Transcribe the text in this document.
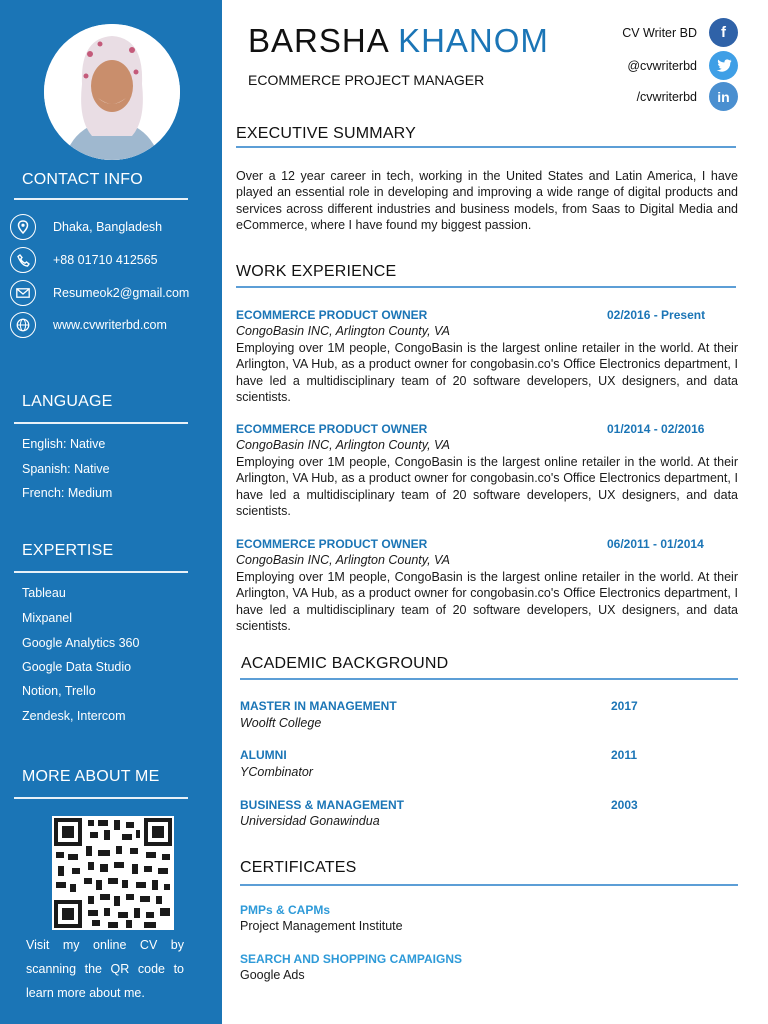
CONTACT INFO
Dhaka, Bangladesh
+88 01710 412565
Resumeok2@gmail.com
www.cvwriterbd.com
LANGUAGE
English: Native
Spanish: Native
French: Medium
EXPERTISE
Tableau
Mixpanel
Google Analytics 360
Google Data Studio
Notion, Trello
Zendesk, Intercom
MORE ABOUT ME
Visit my online CV by scanning the QR code to learn more about me.
BARSHA KHANOM
ECOMMERCE PROJECT MANAGER
CV Writer BD	f
@cvwriterbd
/cvwriterbd	in
EXECUTIVE SUMMARY
Over a 12 year career in tech, working in the United States and Latin America, I have played an essential role in developing and improving a wide range of digital products and services across different industries and business models, from Saas to Digital Media and eCommerce, where I have found my biggest passion.
WORK EXPERIENCE
ECOMMERCE PRODUCT OWNER	02/2016 - Present
CongoBasin INC, Arlington County, VA
Employing over 1M people, CongoBasin is the largest online retailer in the world. At their Arlington, VA Hub, as a product owner for congobasin.co's Office Electronics department, I have led a multidisciplinary team of 20 software developers, UX designers, and data scientists.
ECOMMERCE PRODUCT OWNER	01/2014 - 02/2016
CongoBasin INC, Arlington County, VA
Employing over 1M people, CongoBasin is the largest online retailer in the world. At their Arlington, VA Hub, as a product owner for congobasin.co's Office Electronics department, I have led a multidisciplinary team of 20 software developers, UX designers, and data scientists.
ECOMMERCE PRODUCT OWNER	06/2011 - 01/2014
CongoBasin INC, Arlington County, VA
Employing over 1M people, CongoBasin is the largest online retailer in the world. At their Arlington, VA Hub, as a product owner for congobasin.co's Office Electronics department, I have led a multidisciplinary team of 20 software developers, UX designers, and data scientists.
ACADEMIC BACKGROUND
MASTER IN MANAGEMENT	2017
Woolft College
ALUMNI	2011
YCombinator
BUSINESS & MANAGEMENT	2003
Universidad Gonawindua
CERTIFICATES
PMPs & CAPMs
Project Management Institute
SEARCH AND SHOPPING CAMPAIGNS
Google Ads
